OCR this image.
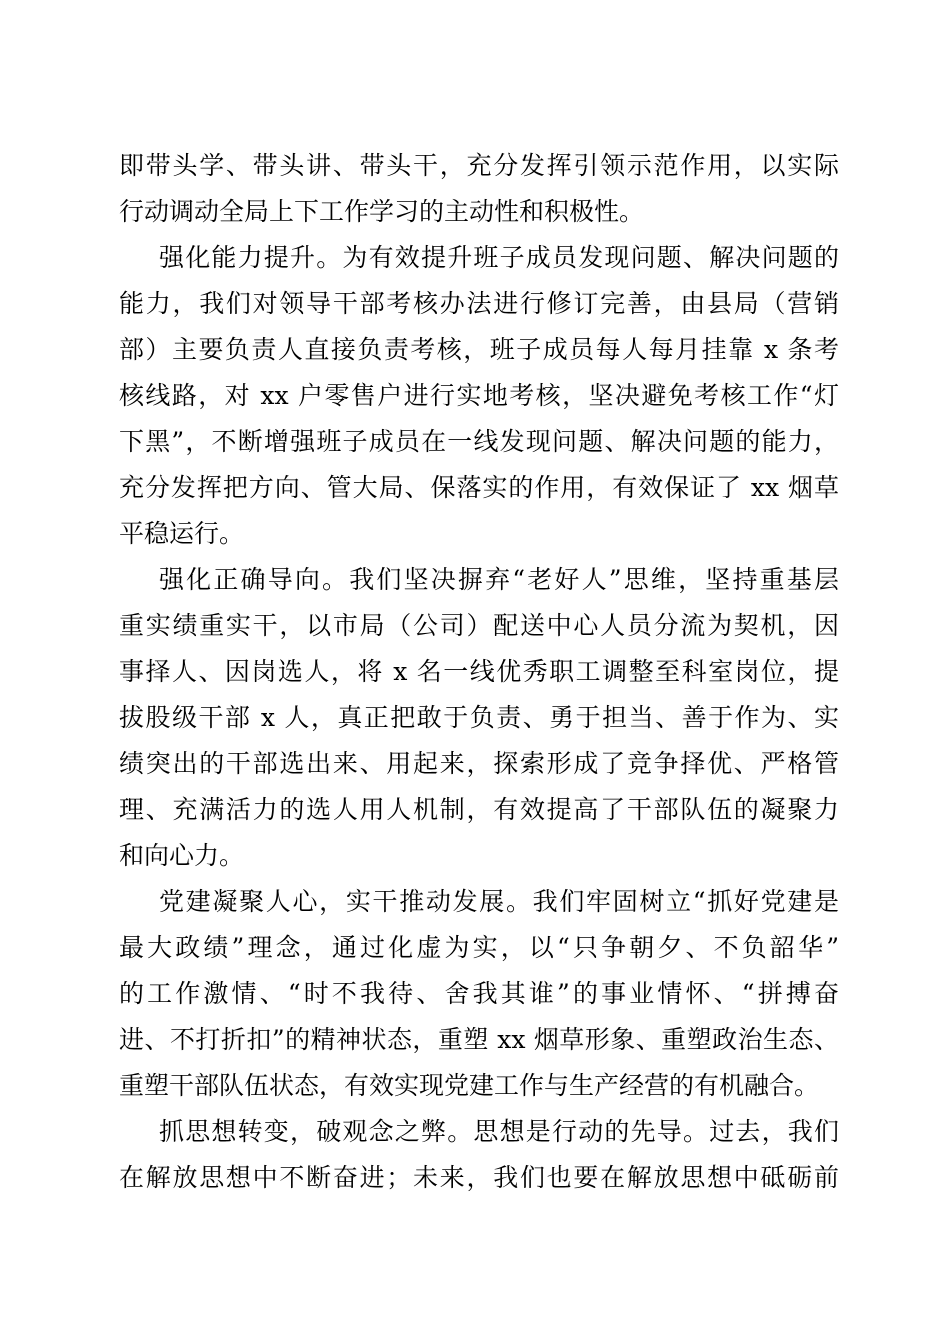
即带头学、带头讲、带头干，充分发挥引领示范作用，以实际
行动调动全局上下工作学习的主动性和积极性。
强化能力提升。为有效提升班子成员发现问题、解决问题的
能力，我们对领导干部考核办法进行修订完善，由县局（营销
部）主要负责人直接负责考核，班子成员每人每月挂靠 x 条考
核线路，对 xx 户零售户进行实地考核，坚决避免考核工作“灯
下黑”，不断增强班子成员在一线发现问题、解决问题的能力，
充分发挥把方向、管大局、保落实的作用，有效保证了 xx 烟草
平稳运行。
强化正确导向。我们坚决摒弃“老好人”思维，坚持重基层
重实绩重实干，以市局（公司）配送中心人员分流为契机，因
事择人、因岗选人，将 x 名一线优秀职工调整至科室岗位，提
拔股级干部 x 人，真正把敢于负责、勇于担当、善于作为、实
绩突出的干部选出来、用起来，探索形成了竞争择优、严格管
理、充满活力的选人用人机制，有效提高了干部队伍的凝聚力
和向心力。
党建凝聚人心，实干推动发展。我们牢固树立“抓好党建是
最大政绩”理念，通过化虚为实，以“只争朝夕、不负韶华”
的工作激情、“时不我待、舍我其谁”的事业情怀、“拼搏奋
进、不打折扣”的精神状态，重塑 xx 烟草形象、重塑政治生态、
重塑干部队伍状态，有效实现党建工作与生产经营的有机融合。
抓思想转变，破观念之弊。思想是行动的先导。过去，我们
在解放思想中不断奋进；未来，我们也要在解放思想中砥砺前
